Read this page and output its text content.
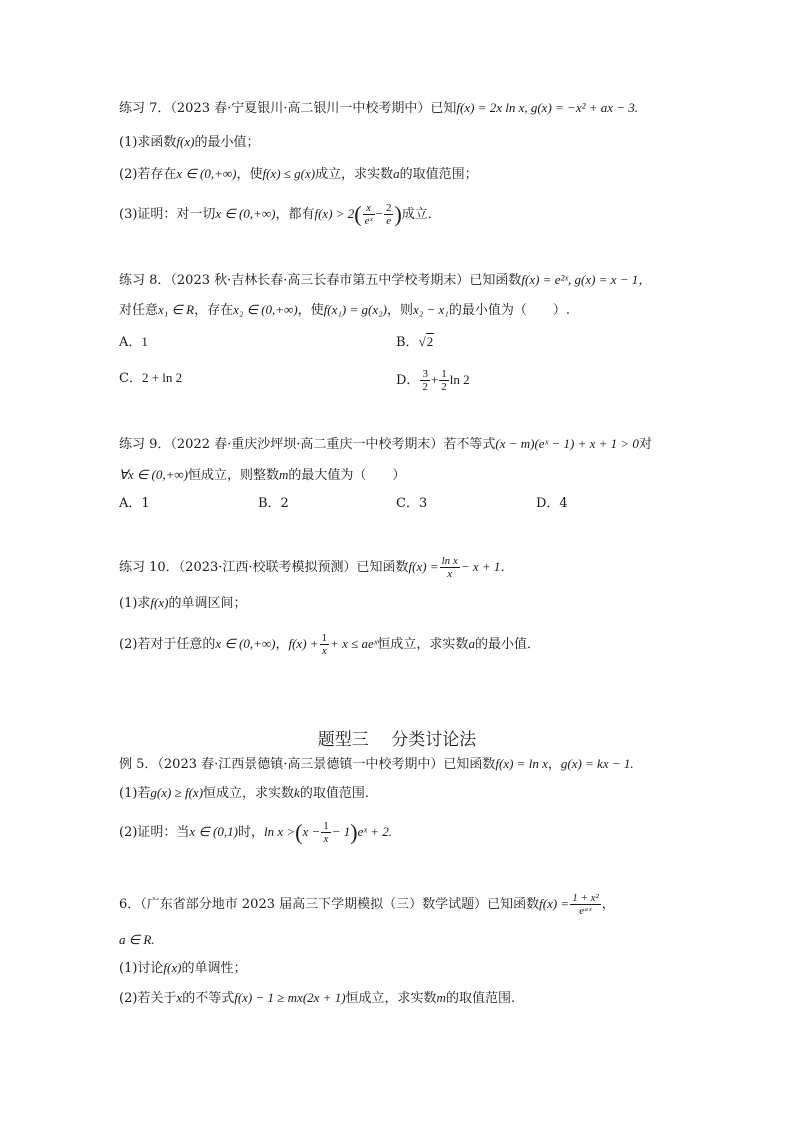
练习 7．（2023 春·宁夏银川·高二银川一中校考期中）已知f(x) = 2x ln x, g(x) = −x² + ax − 3.
(1)求函数f(x)的最小值；
(2)若存在x ∈ (0,+∞)，使f(x) ≤ g(x)成立，求实数a的取值范围；
(3)证明：对一切x ∈ (0,+∞)，都有$f(x) > 2( \frac{x}{\text{eˣ}} - \frac{2}{e}$ )成立．
练习 8．（2023 秋·吉林长春·高三长春市第五中学校考期末）已知函数f(x) = e²ˣ, g(x) = x − 1，
对任意x₁ ∈ R，存在x₂ ∈ (0,+∞)，使f(x₁) = g(x₂)，则x₂ − x₁的最小值为（　　）.
A．1	B．√2
C．2 + ln 2	D． $\frac{3}{2} + \frac{1}{2}$ ln 2
练习 9．（2022 春·重庆沙坪坝·高二重庆一中校考期末）若不等式(x − m)(eˣ − 1) + x + 1 > 0对
∀x ∈ (0,+∞)恒成立，则整数m的最大值为（　　）
A．1	B．2	C．3	D．4
练习 10．（2023·江西·校联考模拟预测）已知函数$f(x) = \frac{\text{ln x}}{x} - x + 1$．
(1)求f(x)的单调区间；
(2)若对于任意的x ∈ (0,+∞)，$f(x) + \frac{1}{x} + x$ ≤ aeˣ恒成立，求实数a的最小值．
题型三　 分类讨论法
例 5．（2023 春·江西景德镇·高三景德镇一中校考期中）已知函数f(x) = ln x，g(x) = kx − 1.
(1)若g(x) ≥ f(x)恒成立，求实数k的取值范围.
(2)证明：当x ∈ (0,1)时，$\ln x >(x - \frac{1}{x}$ − 1)eˣ + 2.
6．（广东省部分地市 2023 届高三下学期模拟（三）数学试题）已知函数$f(x) = \frac{\text{1 + x²}}{\text{eᵃˣ}}$ ，
a ∈ R.
(1)讨论f(x)的单调性；
(2)若关于x的不等式f(x) − 1 ≥ mx(2x + 1)恒成立，求实数m的取值范围.
